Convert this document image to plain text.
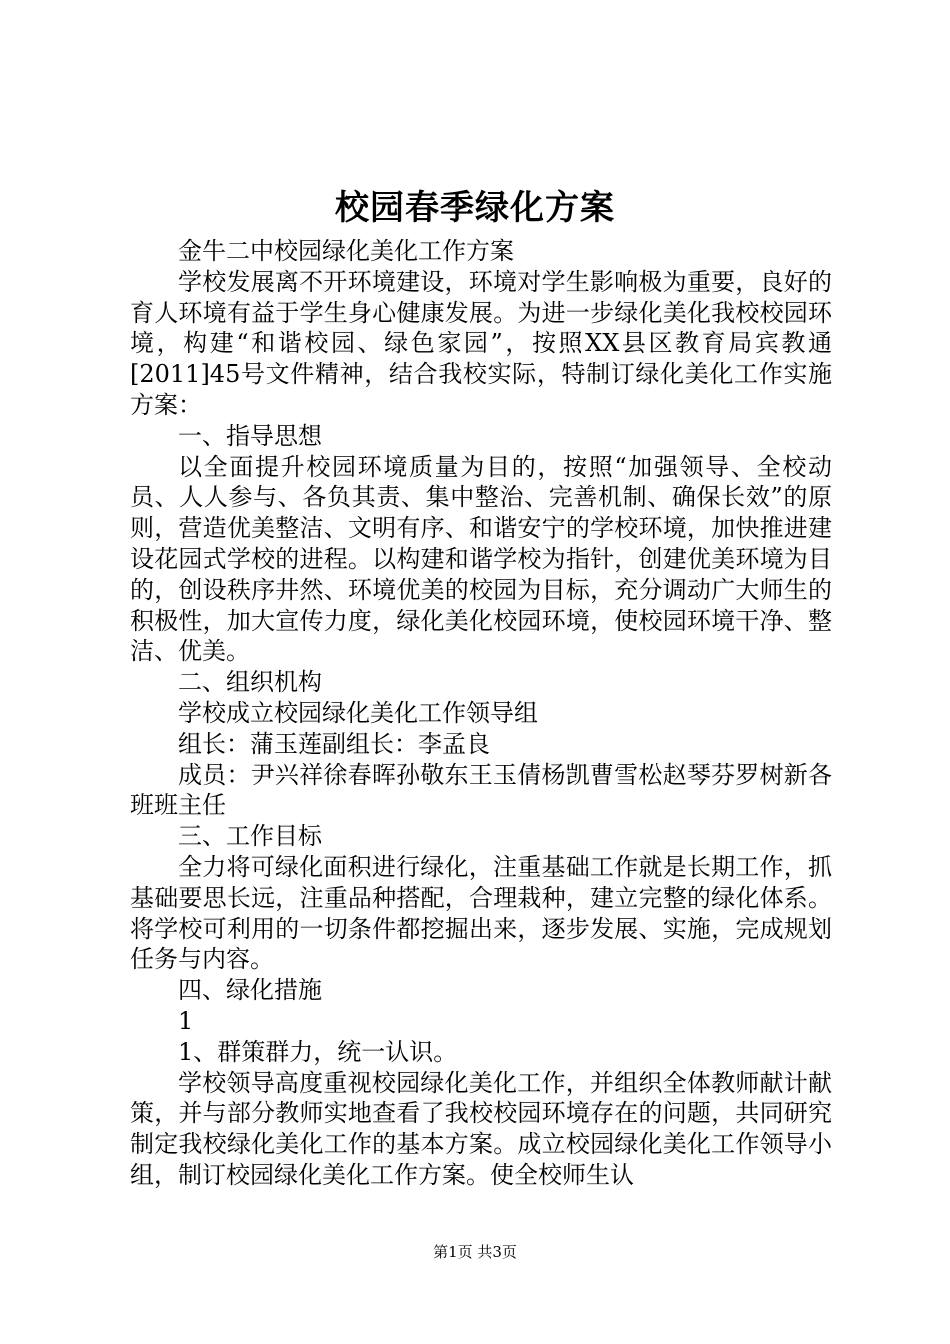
校园春季绿化方案

金牛二中校园绿化美化工作方案

学校发展离不开环境建设，环境对学生影响极为重要，良好的育人环境有益于学生身心健康发展。为进一步绿化美化我校校园环境，构建“和谐校园、绿色家园”，按照XX县区教育局宾教通[2011]45号文件精神，结合我校实际，特制订绿化美化工作实施方案：

一、指导思想

以全面提升校园环境质量为目的，按照“加强领导、全校动员、人人参与、各负其责、集中整治、完善机制、确保长效”的原则，营造优美整洁、文明有序、和谐安宁的学校环境，加快推进建设花园式学校的进程。以构建和谐学校为指针，创建优美环境为目的，创设秩序井然、环境优美的校园为目标，充分调动广大师生的积极性，加大宣传力度，绿化美化校园环境，使校园环境干净、整洁、优美。

二、组织机构

学校成立校园绿化美化工作领导组

组长：蒲玉莲副组长：李孟良

成员：尹兴祥徐春晖孙敬东王玉倩杨凯曹雪松赵琴芬罗树新各班班主任

三、工作目标

全力将可绿化面积进行绿化，注重基础工作就是长期工作，抓基础要思长远，注重品种搭配，合理栽种，建立完整的绿化体系。将学校可利用的一切条件都挖掘出来，逐步发展、实施，完成规划任务与内容。

四、绿化措施

1

1、群策群力，统一认识。

学校领导高度重视校园绿化美化工作，并组织全体教师献计献策，并与部分教师实地查看了我校校园环境存在的问题，共同研究制定我校绿化美化工作的基本方案。成立校园绿化美化工作领导小组，制订校园绿化美化工作方案。使全校师生认

第1页 共3页
